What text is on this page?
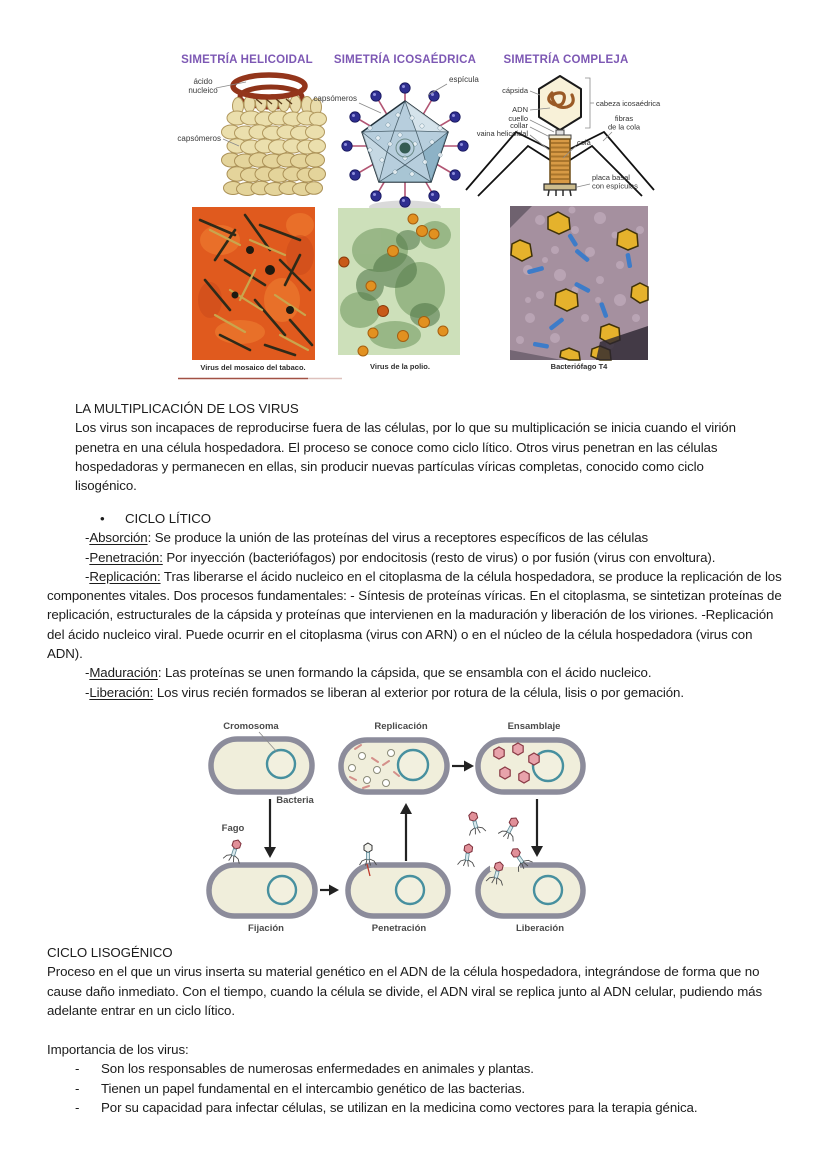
SIMETRÍA HELICOIDAL SIMETRÍA ICOSAÉDRICA SIMETRÍA COMPLEJA
ácido nucleico
capsómeros
capsómeros
espícula
cápsida
ADN
cuello
collar
vaina helicoidal
cola
cabeza icosaédrica
fibras de la cola
placa basal con espículas
Virus del mosaico del tabaco.	Virus de la polio.	Bacteriófago T4
LA MULTIPLICACIÓN DE LOS VIRUS

Los virus son incapaces de reproducirse fuera de las células, por lo que su multiplicación se inicia cuando el virión penetra en una célula hospedadora. El proceso se conoce como ciclo lítico. Otros virus penetran en las células hospedadoras y permanecen en ellas, sin producir nuevas partículas víricas completas, conocido como ciclo lisogénico.

• CICLO LÍTICO

-Absorción: Se produce la unión de las proteínas del virus a receptores específicos de las células

-Penetración: Por inyección (bacteriófagos) por endocitosis (resto de virus) o por fusión (virus con envoltura).

-Replicación: Tras liberarse el ácido nucleico en el citoplasma de la célula hospedadora, se produce la replicación de los componentes vitales. Dos procesos fundamentales: - Síntesis de proteínas víricas. En el citoplasma, se sintetizan proteínas de replicación, estructurales de la cápsida y proteínas que intervienen en la maduración y liberación de los viriones. -Replicación del ácido nucleico viral. Puede ocurrir en el citoplasma (virus con ARN) o en el núcleo de la célula hospedadora (virus con ADN).

-Maduración: Las proteínas se unen formando la cápsida, que se ensambla con el ácido nucleico.

-Liberación: Los virus recién formados se liberan al exterior por rotura de la célula, lisis o por gemación.

Cromosoma	Replicación	Ensamblaje
Bacteria
Fago
Fijación	Penetración	Liberación
CICLO LISOGÉNICO

Proceso en el que un virus inserta su material genético en el ADN de la célula hospedadora, integrándose de forma que no cause daño inmediato. Con el tiempo, cuando la célula se divide, el ADN viral se replica junto al ADN celular, pudiendo más adelante entrar en un ciclo lítico.

Importancia de los virus:
-	Son los responsables de numerosas enfermedades en animales y plantas.
-	Tienen un papel fundamental en el intercambio genético de las bacterias.
-	Por su capacidad para infectar células, se utilizan en la medicina como vectores para la terapia génica.
